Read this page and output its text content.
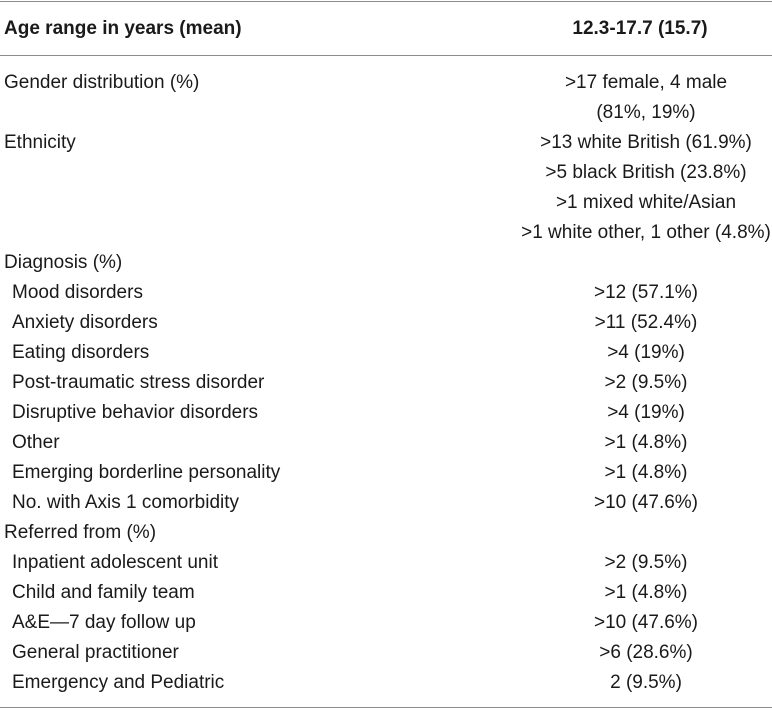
Age range in years (mean)	12.3-17.7 (15.7)
Gender distribution (%)	>17 female, 4 male
(81%, 19%)
Ethnicity	>13 white British (61.9%)
>5 black British (23.8%)
>1 mixed white/Asian
>1 white other, 1 other (4.8%)
Diagnosis (%)
Mood disorders	>12 (57.1%)
Anxiety disorders	>11 (52.4%)
Eating disorders	>4 (19%)
Post-traumatic stress disorder	>2 (9.5%)
Disruptive behavior disorders	>4 (19%)
Other	>1 (4.8%)
Emerging borderline personality	>1 (4.8%)
No. with Axis 1 comorbidity	>10 (47.6%)
Referred from (%)
Inpatient adolescent unit	>2 (9.5%)
Child and family team	>1 (4.8%)
A&E—7 day follow up	>10 (47.6%)
General practitioner	>6 (28.6%)
Emergency and Pediatric	2 (9.5%)
